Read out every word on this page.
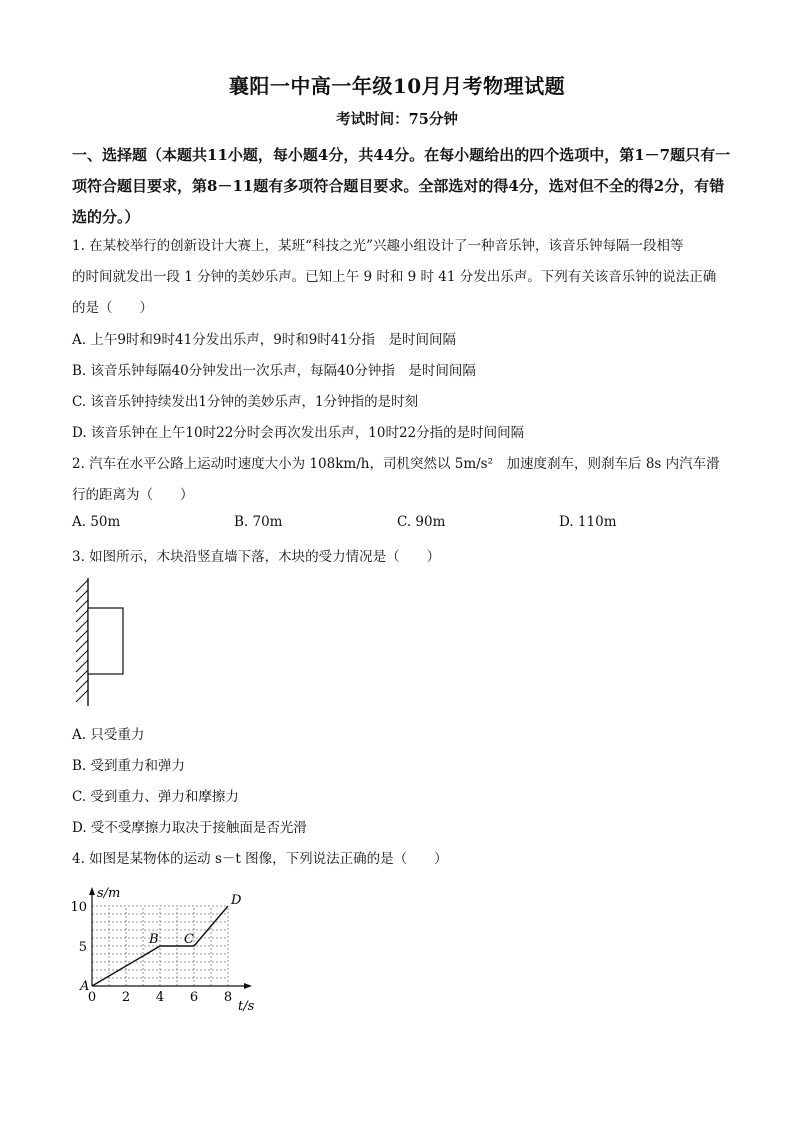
襄阳一中高一年级10月月考物理试题
考试时间：75分钟
一、选择题（本题共11小题，每小题4分，共44分。在每小题给出的四个选项中，第1－7题只有一项符合题目要求，第8－11题有多项符合题目要求。全部选对的得4分，选对但不全的得2分，有错选的分。）
1. 在某校举行的创新设计大赛上，某班“科技之光”兴趣小组设计了一种音乐钟，该音乐钟每隔一段相等
的时间就发出一段 1 分钟的美妙乐声。已知上午 9 时和 9 时 41 分发出乐声。下列有关该音乐钟的说法正确
的是（　　）
A. 上午9时和9时41分发出乐声，9时和9时41分指　是时间间隔
B. 该音乐钟每隔40分钟发出一次乐声，每隔40分钟指　是时间间隔
C. 该音乐钟持续发出1分钟的美妙乐声，1分钟指的是时刻
D. 该音乐钟在上午10时22分时会再次发出乐声，10时22分指的是时间间隔
2. 汽车在水平公路上运动时速度大小为 108km/h，司机突然以 5m/s²　加速度刹车，则刹车后 8s 内汽车滑
行的距离为（　　）
A. 50m	B. 70m	C. 90m	D. 110m
3. 如图所示，木块沿竖直墙下落，木块的受力情况是（　　）
A. 只受重力
B. 受到重力和弹力
C. 受到重力、弹力和摩擦力
D. 受不受摩擦力取决于接触面是否光滑
4. 如图是某物体的运动 s－t 图像，下列说法正确的是（　　）
s/m
t/s
0 2 4 6 8
5
10
A
B C
D
